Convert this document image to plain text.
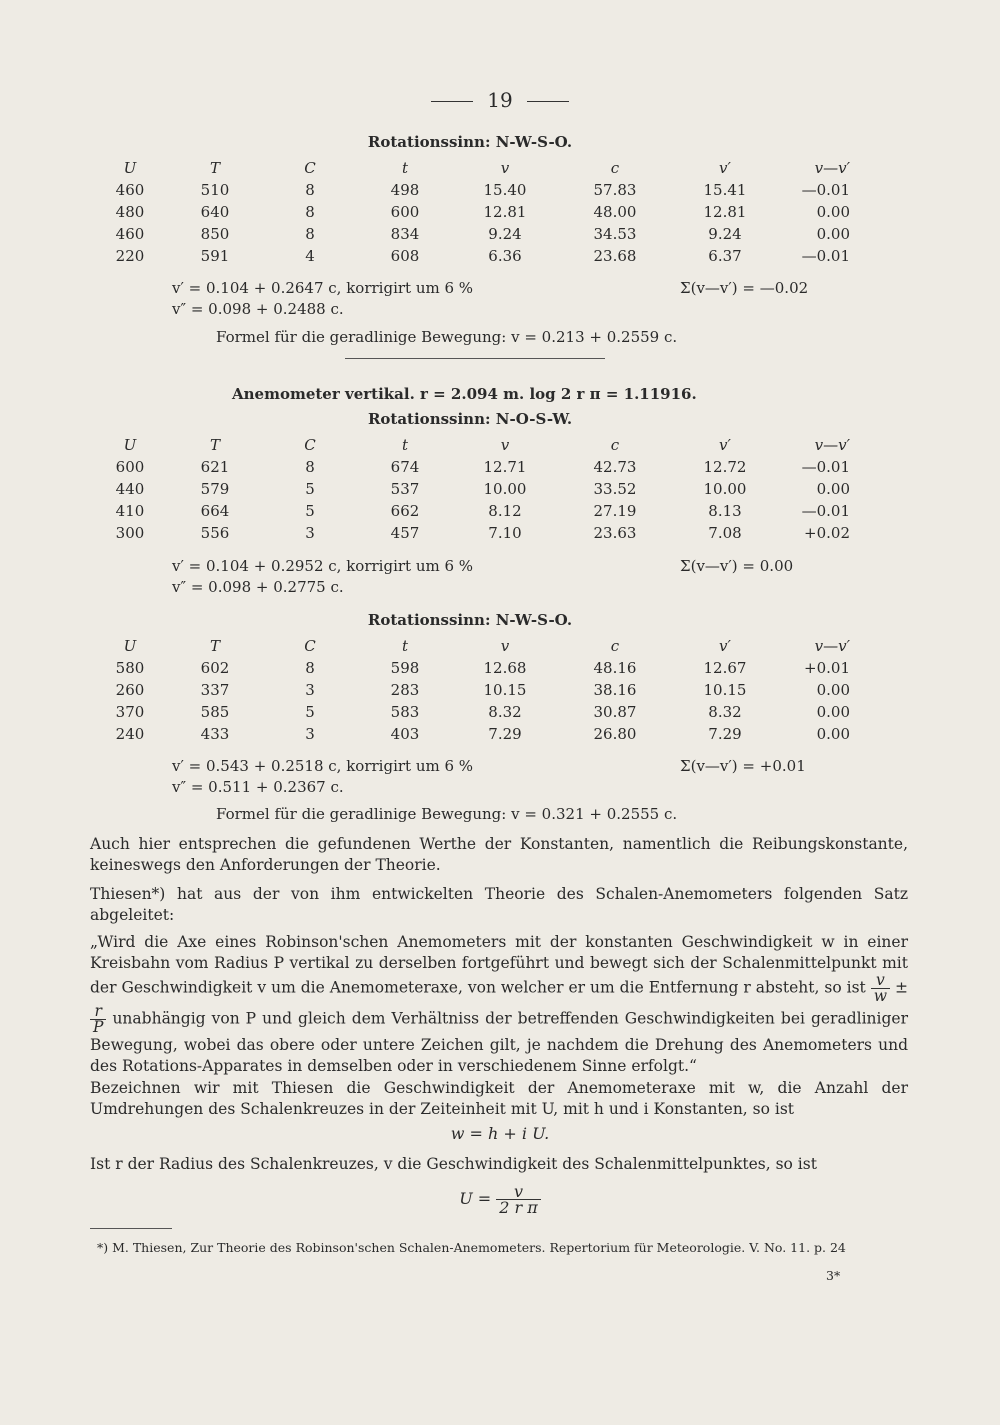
19
Rotationssinn: N-W-S-O.
U	T	C	t	v	c	v′	v—v′
460	510	8	498	15.40	57.83	15.41	—0.01
480	640	8	600	12.81	48.00	12.81	0.00
460	850	8	834	9.24	34.53	9.24	0.00
220	591	4	608	6.36	23.68	6.37	—0.01
v′ = 0.104 + 0.2647 c, korrigirt um 6 %	Σ(v—v′) = —0.02
v″ = 0.098 + 0.2488 c.
Formel für die geradlinige Bewegung: v = 0.213 + 0.2559 c.
Anemometer vertikal. r = 2.094 m. log 2 r π = 1.11916.
Rotationssinn: N-O-S-W.
U	T	C	t	v	c	v′	v—v′
600	621	8	674	12.71	42.73	12.72	—0.01
440	579	5	537	10.00	33.52	10.00	0.00
410	664	5	662	8.12	27.19	8.13	—0.01
300	556	3	457	7.10	23.63	7.08	+0.02
v′ = 0.104 + 0.2952 c, korrigirt um 6 %	Σ(v—v′) = 0.00
v″ = 0.098 + 0.2775 c.
Rotationssinn: N-W-S-O.
U	T	C	t	v	c	v′	v—v′
580	602	8	598	12.68	48.16	12.67	+0.01
260	337	3	283	10.15	38.16	10.15	0.00
370	585	5	583	8.32	30.87	8.32	0.00
240	433	3	403	7.29	26.80	7.29	0.00
v′ = 0.543 + 0.2518 c, korrigirt um 6 %	Σ(v—v′) = +0.01
v″ = 0.511 + 0.2367 c.
Formel für die geradlinige Bewegung: v = 0.321 + 0.2555 c.
Auch hier entsprechen die gefundenen Werthe der Konstanten, namentlich die Reibungskonstante, keineswegs den Anforderungen der Theorie.
Thiesen*) hat aus der von ihm entwickelten Theorie des Schalen-Anemometers folgenden Satz abgeleitet:
„Wird die Axe eines Robinson'schen Anemometers mit der konstanten Geschwindigkeit w in einer Kreisbahn vom Radius P vertikal zu derselben fortgeführt und bewegt sich der Schalenmittelpunkt mit der Geschwindigkeit v um die Anemometeraxe, von welcher er um die Entfernung r absteht, so ist $\frac{v}{w}$ ±
$\frac{r}{P}$ unabhängig von P und gleich dem Verhältniss der betreffenden Geschwindigkeiten bei geradliniger Bewegung, wobei das obere oder untere Zeichen gilt, je nachdem die Drehung des Anemometers und des Rotations-Apparates in demselben oder in verschiedenem Sinne erfolgt.“
Bezeichnen wir mit Thiesen die Geschwindigkeit der Anemometeraxe mit w, die Anzahl der Umdrehungen des Schalenkreuzes in der Zeiteinheit mit U, mit h und i Konstanten, so ist
w = h + i U.
Ist r der Radius des Schalenkreuzes, v die Geschwindigkeit des Schalenmittelpunktes, so ist
$U = \frac{v}{\text{2 r π}}$
*) M. Thiesen, Zur Theorie des Robinson'schen Schalen-Anemometers. Repertorium für Meteorologie. V. No. 11. p. 24
3*
